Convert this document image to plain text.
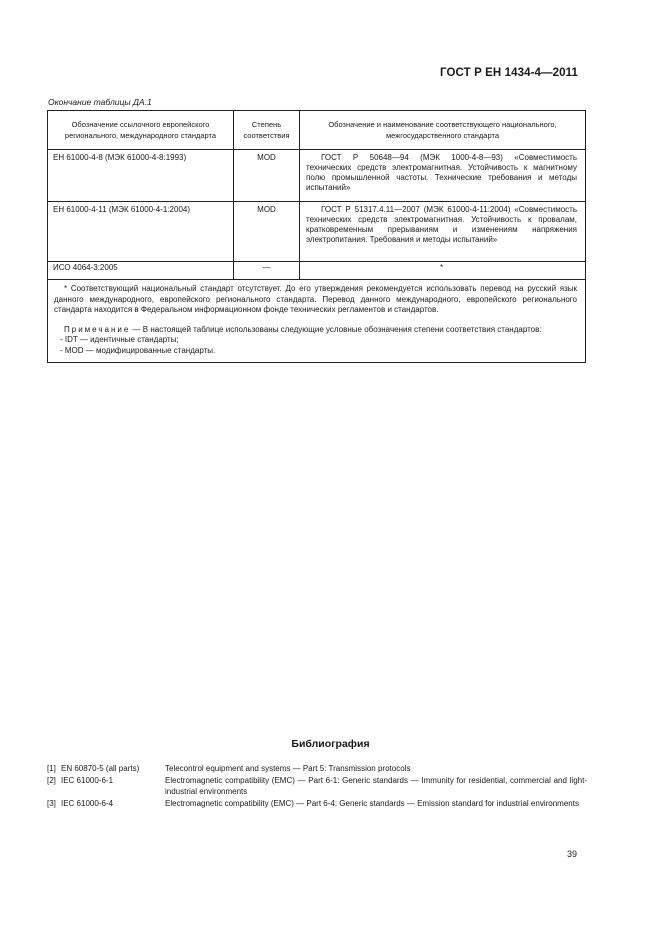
ГОСТ Р ЕН 1434-4—2011
Окончание таблицы ДА.1
Обозначение ссылочного европейского регионального, международного стандарта	Степень соответствия	Обозначение и наименование соответствующего национального, межгосударственного стандарта
ЕН 61000-4-8 (МЭК 61000-4-8:1993)	MOD	ГОСТ Р 50648—94 (МЭК 1000-4-8—93) «Совместимость технических средств электромагнитная. Устойчивость к магнитному полю промышленной частоты. Технические требования и методы испытаний»
ЕН 61000-4-11 (МЭК 61000-4-1:2004)	MOD	ГОСТ Р 51317.4.11—2007 (МЭК 61000-4-11:2004) «Совместимость технических средств электромагнитная. Устойчивость к провалам, кратковременным прерываниям и изменениям напряжения электропитания. Требования и методы испытаний»
ИСО 4064-3:2005	—	*

* Соответствующий национальный стандарт отсутствует. До его утверждения рекомендуется использовать перевод на русский язык данного международного, европейского регионального стандарта. Перевод данного международного, европейского регионального стандарта находится в Федеральном информационном фонде технических регламентов и стандартов.

Примечание — В настоящей таблице использованы следующие условные обозначения степени соответствия стандартов:

- IDT — идентичные стандарты;
- MOD — модифицированные стандарты.		
Библиография
[1] EN 60870-5 (all parts)	Telecontrol equipment and systems — Part 5: Transmission protocols
[2] IEC 61000-6-1	Electromagnetic compatibility (EMC) — Part 6-1: Generic standards — Immunity for residential, commercial and light-industrial environments
[3] IEC 61000-6-4	Electromagnetic compatibility (EMC) — Part 6-4: Generic standards — Emission standard for industrial environments
39
